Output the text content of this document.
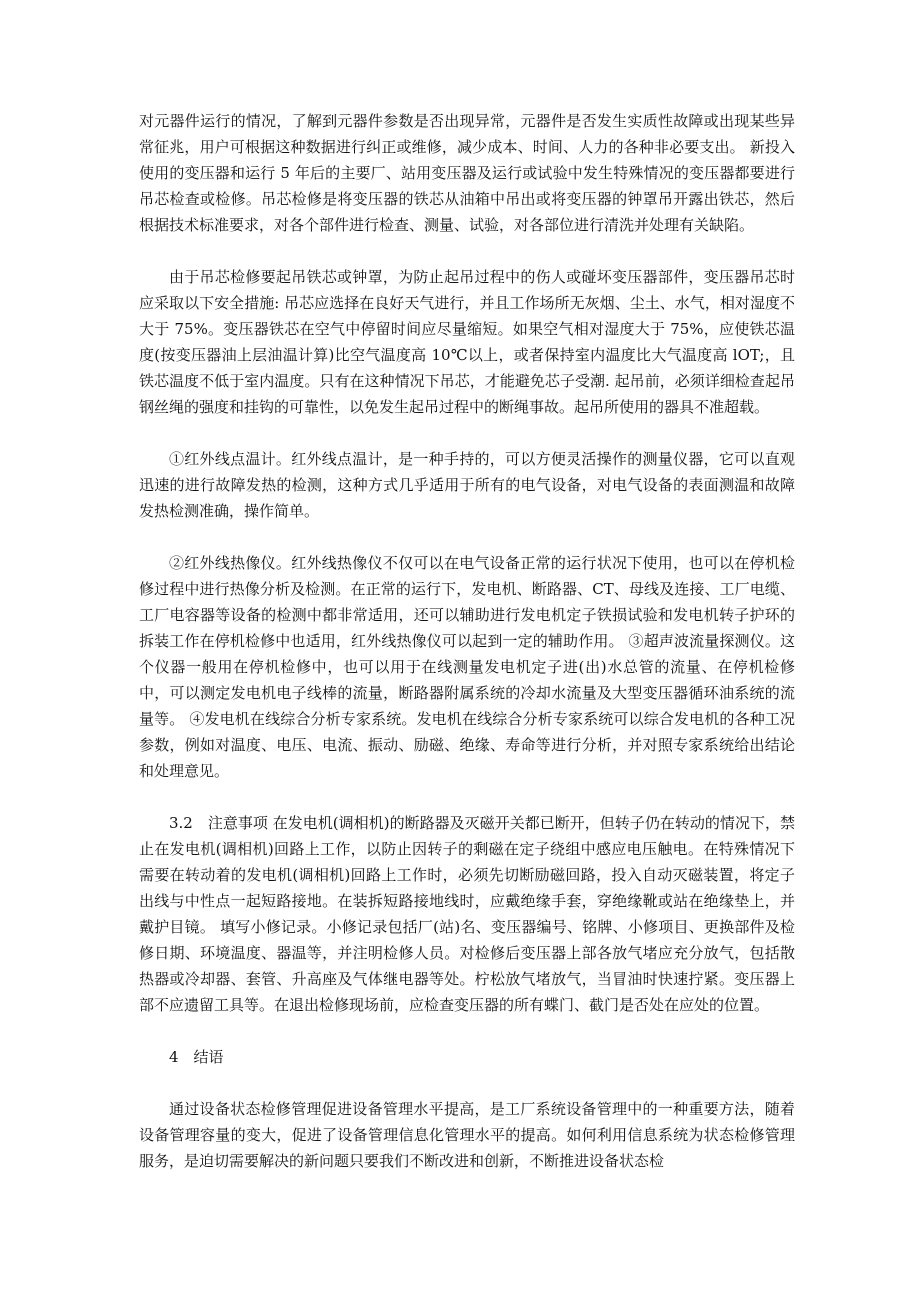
对元器件运行的情况，了解到元器件参数是否出现异常，元器件是否发生实质性故障或出现某些异常征兆，用户可根据这种数据进行纠正或维修，减少成本、时间、人力的各种非必要支出。 新投入使用的变压器和运行 5 年后的主要厂、站用变压器及运行或试验中发生特殊情况的变压器都要进行吊芯检查或检修。吊芯检修是将变压器的铁芯从油箱中吊出或将变压器的钟罩吊开露出铁芯，然后根据技术标准要求，对各个部件进行检查、测量、试验，对各部位进行清洗并处理有关缺陷。

由于吊芯检修要起吊铁芯或钟罩，为防止起吊过程中的伤人或碰坏变压器部件，变压器吊芯时应采取以下安全措施: 吊芯应选择在良好天气进行，并且工作场所无灰烟、尘土、水气，相对湿度不大于 75%。变压器铁芯在空气中停留时间应尽量缩短。如果空气相对湿度大于 75%，应使铁芯温度(按变压器油上层油温计算)比空气温度高 10℃以上，或者保持室内温度比大气温度高 lOT;，且铁芯温度不低于室内温度。只有在这种情况下吊芯，才能避免芯子受潮. 起吊前，必须详细检查起吊钢丝绳的强度和挂钩的可靠性，以免发生起吊过程中的断绳事故。起吊所使用的器具不准超载。

①红外线点温计。红外线点温计，是一种手持的，可以方便灵活操作的测量仪器，它可以直观迅速的进行故障发热的检测，这种方式几乎适用于所有的电气设备，对电气设备的表面测温和故障发热检测准确，操作简单。

②红外线热像仪。红外线热像仪不仅可以在电气设备正常的运行状况下使用，也可以在停机检修过程中进行热像分析及检测。在正常的运行下，发电机、断路器、CT、母线及连接、工厂电缆、工厂电容器等设备的检测中都非常适用，还可以辅助进行发电机定子铁损试验和发电机转子护环的拆装工作在停机检修中也适用，红外线热像仪可以起到一定的辅助作用。 ③超声波流量探测仪。这个仪器一般用在停机检修中，也可以用于在线测量发电机定子进(出)水总管的流量、在停机检修中，可以测定发电机电子线棒的流量，断路器附属系统的冷却水流量及大型变压器循环油系统的流量等。 ④发电机在线综合分析专家系统。发电机在线综合分析专家系统可以综合发电机的各种工况参数，例如对温度、电压、电流、振动、励磁、绝缘、寿命等进行分析，并对照专家系统给出结论和处理意见。

3.2　注意事项 在发电机(调相机)的断路器及灭磁开关都已断开，但转子仍在转动的情况下，禁止在发电机(调相机)回路上工作，以防止因转子的剩磁在定子绕组中感应电压触电。在特殊情况下需要在转动着的发电机(调相机)回路上工作时，必须先切断励磁回路，投入自动灭磁装置，将定子出线与中性点一起短路接地。在装拆短路接地线时，应戴绝缘手套，穿绝缘靴或站在绝缘垫上，并戴护目镜。 填写小修记录。小修记录包括厂(站)名、变压器编号、铭牌、小修项目、更换部件及检修日期、环境温度、器温等，并注明检修人员。对检修后变压器上部各放气堵应充分放气，包括散热器或冷却器、套管、升高座及气体继电器等处。柠松放气堵放气，当冒油时快速拧紧。变压器上部不应遗留工具等。在退出检修现场前，应检查变压器的所有蝶门、截门是否处在应处的位置。

4　结语

通过设备状态检修管理促进设备管理水平提高，是工厂系统设备管理中的一种重要方法，随着设备管理容量的变大，促进了设备管理信息化管理水平的提高。如何利用信息系统为状态检修管理服务，是迫切需要解决的新问题只要我们不断改进和创新，不断推进设备状态检
